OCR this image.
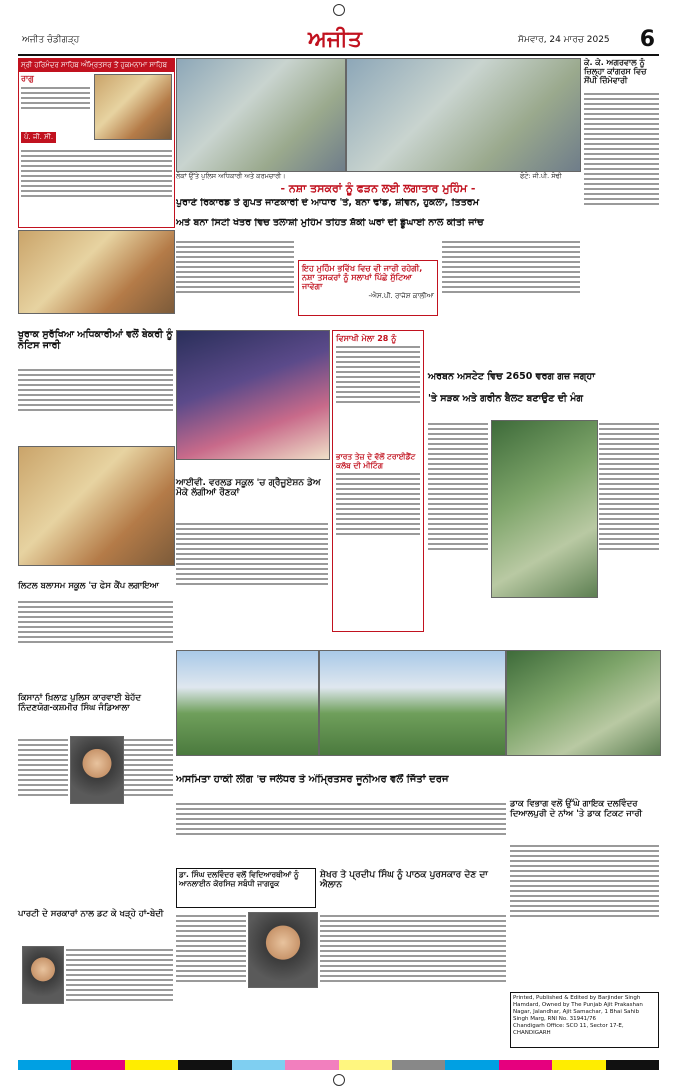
ਅਜੀਤ ਚੰਡੀਗੜ੍ਹ	ਅਜੀਤ	ਸੋਮਵਾਰ, 24 ਮਾਰਚ 2025 6
ਸ੍ਰੀ ਹਰਿਮੰਦਰ ਸਾਹਿਬ ਅੰਮ੍ਰਿਤਸਰ ਤੋਂ ਹੁਕਮਨਾਮਾ ਸਾਹਿਬ
ਰਾਗੁ
ਪੰ. ਜੀ. ਸੀ.
ਲੋਕਾਂ ਉੱਤੇ ਪੁਲਿਸ ਅਧਿਕਾਰੀ ਅਤੇ ਕਰਮਚਾਰੀ।	ਫੋਟੋ: ਜੀ.ਪੀ. ਸੋਢੀ
ਕੇ. ਕੇ. ਅਗਰਵਾਲ ਨੂੰ ਜ਼ਿਲ੍ਹਾ ਕਾਂਗਰਸ ਵਿਚ ਸੌਂਪੀ ਜ਼ਿੰਮੇਵਾਰੀ
- ਨਸ਼ਾ ਤਸਕਰਾਂ ਨੂੰ ਫੜਨ ਲਈ ਲਗਾਤਾਰ ਮੁਹਿੰਮ -
ਪੁਰਾਣੇ ਰਿਕਾਰਡ ਤੇ ਗੁਪਤ ਜਾਣਕਾਰੀ ਦੇ ਆਧਾਰ 'ਤੇ, ਬਨਾ ਢਾਂਡ, ਸ਼ੀਵਨ, ਹੁਕਲਾ, ਤਿਤਰਮ
ਅਤੇ ਬਨਾ ਸਿਟੀ ਖੇਤਰ ਵਿਚ ਤਲਾਸ਼ੀ ਮੁਹਿੰਮ ਤਹਿਤ ਸ਼ੱਕੀ ਘਰਾਂ ਦੀ ਡੂੰਘਾਈ ਨਾਲ ਕੀਤੀ ਜਾਂਚ
ਇਹ ਮੁਹਿੰਮ ਭਵਿੱਖ ਵਿਚ ਵੀ ਜਾਰੀ ਰਹੇਗੀ, ਨਸ਼ਾ ਤਸਕਰਾਂ ਨੂੰ ਸਲਾਖਾਂ ਪਿੱਛੇ ਸੁੱਟਿਆ ਜਾਵੇਗਾ
-ਐਸ.ਪੀ. ਰਾਜੇਸ਼ ਕਾਲੀਆ
ਖੁਰਾਕ ਸੁਰੱਖਿਆ ਅਧਿਕਾਰੀਆਂ ਵਲੋਂ ਬੇਕਰੀ ਨੂੰ ਨੋਟਿਸ ਜਾਰੀ
ਲਿਟਲ ਬਲਾਸਮ ਸਕੂਲ 'ਚ ਫੇਸ ਕੈਂਪ ਲਗਾਇਆ
ਕਿਸਾਨਾਂ ਖ਼ਿਲਾਫ਼ ਪੁਲਿਸ ਕਾਰਵਾਈ ਬੇਹੱਦ ਨਿੰਦਣਯੋਗ-ਕਸ਼ਮੀਰ ਸਿੰਘ ਜੰਡਿਆਲਾ
ਪਾਰਟੀ ਦੇ ਸਰਕਾਰਾਂ ਨਾਲ ਡਟ ਕੇ ਖੜ੍ਹੇ ਹਾਂ-ਬੇਦੀ
ਆਈਵੀ. ਵਰਲਡ ਸਕੂਲ 'ਚ ਗ੍ਰੈਜੂਏਸ਼ਨ ਡੇਅ ਮੌਕੇ ਲੱਗੀਆਂ ਰੌਣਕਾਂ
ਵਿਸਾਖੀ ਮੇਲਾ 28 ਨੂੰ
ਭਾਰਤ ਤੇਜ਼ ਦੇ ਵੱਲੋਂ ਟਰਾਈਡੈਂਟ ਕਲੱਬ ਦੀ ਮੀਟਿੰਗ
ਅਰਬਨ ਅਸਟੇਟ ਵਿਚ 2650 ਵਰਗ ਗਜ਼ ਜਗ੍ਹਾ
'ਤੇ ਸੜਕ ਅਤੇ ਗਰੀਨ ਬੈਲਟ ਬਣਾਉਣ ਦੀ ਮੰਗ
ਅਸਮਿਤਾ ਹਾਕੀ ਲੀਗ 'ਚ ਜਲੰਧਰ ਤੇ ਅੰਮ੍ਰਿਤਸਰ ਜੂਨੀਅਰ ਵਲੋਂ ਜਿੱਤਾਂ ਦਰਜ
ਡਾ. ਸਿੰਘ ਦਲਵਿੰਦਰ ਵਲੋਂ ਵਿਦਿਆਰਥੀਆਂ ਨੂੰ ਆਨਲਾਈਨ ਕੋਰਸਿਜ਼ ਸਬੰਧੀ ਜਾਗਰੂਕ
ਸ਼ੇਖਰ ਤੇ ਪ੍ਰਦੀਪ ਸਿੰਘ ਨੂੰ ਪਾਠਕ ਪੁਰਸਕਾਰ ਦੇਣ ਦਾ ਐਲਾਨ
ਡਾਕ ਵਿਭਾਗ ਵਲੋਂ ਉੱਘੇ ਗਾਇਕ ਦਲਵਿੰਦਰ ਦਿਆਲਪੁਰੀ ਦੇ ਨਾਂਅ 'ਤੇ ਡਾਕ ਟਿਕਟ ਜਾਰੀ
Printed, Published & Edited by Barjinder Singh Hamdard, Owned by The Punjab Ajit Prakashan
Nagar, Jalandhar, Ajit Samachar, 1 Bhai Sahib Singh Marg, RNI No. 31941/76
Chandigarh Office: SCO 11, Sector 17-E, CHANDIGARH
